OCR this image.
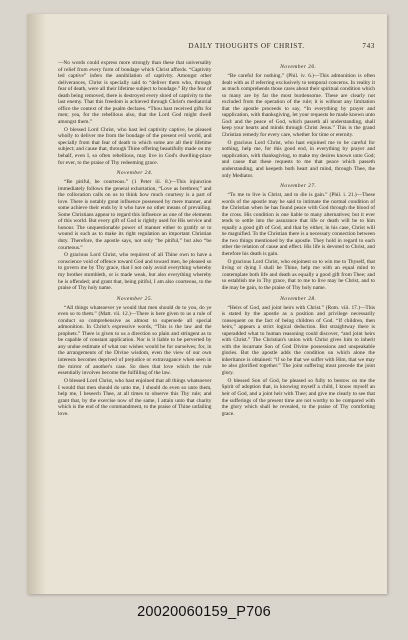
DAILY THOUGHTS OF CHRIST.	743

—No words could express more strongly than these that universality of relief from every form of bondage which Christ affords. “Captivity led captive” infers the annihilation of captivity. Amongst other deliverances, Christ is specially said to “deliver them who, through fear of death, were all their lifetime subject to bondage.” By the fear of death being removed, there is destroyed every shred of captivity to the last enemy. That this freedom is achieved through Christ's mediatorial office the context of the psalm declares. “Thou hast received gifts for men; yea, for the rebellious also, that the Lord God might dwell amongst them.”

O blessed Lord Christ, who hast led captivity captive, be pleased wholly to deliver me from the bondage of the present evil world, and specially from that fear of death to which some are all their lifetime subject; and cause that, through Thine offering beautifully made on my behalf, even I, so often rebellious, may live in God's dwelling-place for ever, to the praise of Thy redeeming grace.

November 24.

“Be pitiful, be courteous.” (1 Peter iii. 8.)—This injunction immediately follows the general exhortation, “Love as brethren;” and the collocation calls on us to think how much courtesy is a part of love. There is notably great influence possessed by mere manner, and some achieve their ends by it who have no other means of prevailing. Some Christians appear to regard this influence as one of the elements of this world. But every gift of God is rightly used for His service and honour. The unquestionable power of manner either to gratify or to wound is such as to make its right regulation an important Christian duty. Therefore, the apostle says, not only “be pitiful,” but also “be courteous.”

O gracious Lord Christ, who requirest of all Thine own to have a conscience void of offence toward God and toward men, be pleased so to govern me by Thy grace, that I not only avoid everything whereby my brother stumbleth, or is made weak, but also everything whereby he is offended; and grant that, being pitiful, I am also courteous, to the praise of Thy holy name.

November 25.

“All things whatsoever ye would that men should do to you, do ye even so to them.” (Matt. vii. 12.)—There is here given to us a rule of conduct so comprehensive as almost to supersede all special admonition. In Christ's expressive words, “This is the law and the prophets.” There is given to us a direction so plain and stringent as to be capable of constant application. Nor is it liable to be perverted by any undue estimate of what our wishes would be for ourselves; for, in the arrangements of the Divine wisdom, even the view of our own interests becomes deprived of prejudice or extravagance when seen in the mirror of another's case. So does that love which the rule essentially involves become the fulfilling of the law.

O blessed Lord Christ, who hast enjoined that all things whatsoever I would that men should do unto me, I should do even so unto them, help me, I beseech Thee, at all times to observe this Thy rule; and grant that, by the exercise now of the same, I attain unto that charity which is the end of the commandment, to the praise of Thine unfailing love.

November 26.

“Be careful for nothing.” (Phil. iv. 6.)—This admonition is often dealt with as if referring exclusively to temporal concerns. In reality it as much comprehends those cares about their spiritual condition which so many are by far the most burdensome. These are clearly not excluded from the operation of the rule; it is without any limitation that the apostle proceeds to say, “In everything by prayer and supplication, with thanksgiving, let your requests be made known unto God: and the peace of God, which passeth all understanding, shall keep your hearts and minds through Christ Jesus.” This is the grand Christian remedy for every care, whether for time or eternity.

O gracious Lord Christ, who hast enjoined me to be careful for nothing, help me, for this good end, in everything by prayer and supplication, with thanksgiving, to make my desires known unto God; and cause that these requests to me that peace which passeth understanding, and keepeth both heart and mind, through Thee, the only Mediator.

November 27.

“To me to live is Christ, and to die is gain.” (Phil. i. 21.)—These words of the apostle may be said to intimate the normal condition of the Christian when he has found peace with God through the blood of the cross. His condition is one liable to many alternatives; but it ever tends to settle into the assurance that life or death will be to him equally a good gift of God, and that by either, in his case, Christ will be magnified. To the Christian there is a necessary connection between the two things mentioned by the apostle. They hold in regard to each other the relation of cause and effect. His life is devoted to Christ, and therefore his death is gain.

O gracious Lord Christ, who enjoinest so to win me to Thyself, that living or dying I shall be Thine, help me with an equal mind to contemplate both life and death as equally a good gift from Thee; and so establish me in Thy grace, that to me to live may be Christ, and to die may be gain, to the praise of Thy holy name.

November 28.

“Heirs of God, and joint heirs with Christ.” (Rom. viii. 17.)—This is stated by the apostle as a position and privilege necessarily consequent on the fact of being children of God. “If children, then heirs,” appears a strict logical deduction. But straightway there is superadded what to human reasoning could discover, “and joint heirs with Christ.” The Christian's union with Christ gives him to inherit with the incarnate Son of God Divine possessions and unspeakable glories. But the apostle adds the condition on which alone the inheritance is obtained: “if so be that we suffer with Him, that we may be also glorified together.” The joint suffering must precede the joint glory.

O blessed Son of God, be pleased so fully to bestow on me the Spirit of adoption that, in knowing myself a child, I know myself an heir of God, and a joint heir with Thee; and give me clearly to see that the sufferings of the present time are not worthy to be compared with the glory which shall be revealed, to the praise of Thy comforting grace.

20020060159_P706
